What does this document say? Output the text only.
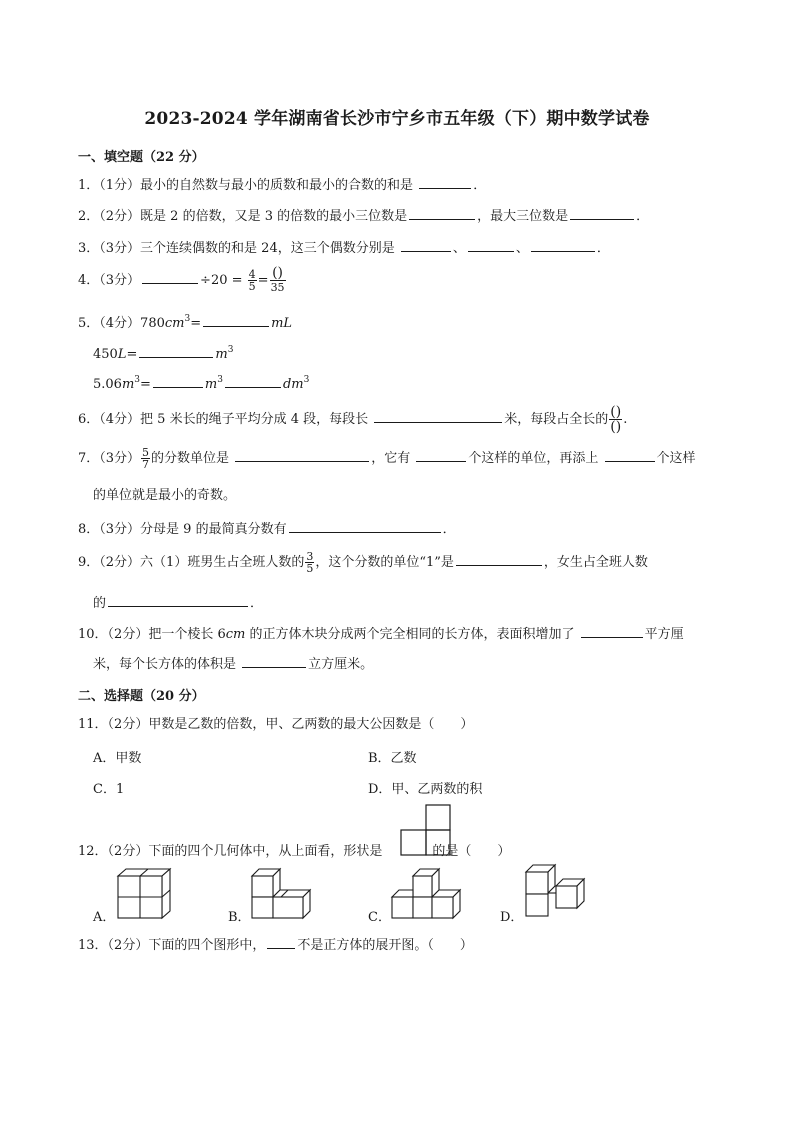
2023-2024 学年湖南省长沙市宁乡市五年级（下）期中数学试卷
一、填空题（22 分）
1．（1分）最小的自然数与最小的质数和最小的合数的和是	．
2．（2分）既是 2 的倍数，又是 3 的倍数的最小三位数是	，最大三位数是	．
3．（3分）三个连续偶数的和是 24，这三个偶数分别是	、	、	．
4．（3分）	$\div 20 = \frac{4}{5} = \frac{()}{35}$
5．（4分）$780cm^3=$	mL
450L=	$m^3$
$5.06m^3=$	$m^3$	$dm^3$
6．（4分）把 5 米长的绳子平均分成 4 段，每段长	米，每段占全长的 $\frac{()}{()}$ .
7．（3分） $\frac{5}{7}$ 的分数单位是	，它有	个这样的单位，再添上	个这样
的单位就是最小的奇数。
8．（3分）分母是 9 的最简真分数有	．
9．（2分）六（1）班男生占全班人数的 $\frac{3}{5}$ ，这个分数的单位“1”是	，女生占全班人数
的	．
10．（2分）把一个棱长 6cm 的正方体木块分成两个完全相同的长方体，表面积增加了	平方厘
米，每个长方体的体积是	立方厘米。
二、选择题（20 分）
11．（2分）甲数是乙数的倍数，甲、乙两数的最大公因数是（　　）
A．甲数	B．乙数
C．1	D．甲、乙两数的积
12．（2分）下面的四个几何体中，从上面看，形状是	的是（　　）
A．	B．	C．	D．
13．（2分）下面的四个图形中， 不是正方体的展开图。（　　）
